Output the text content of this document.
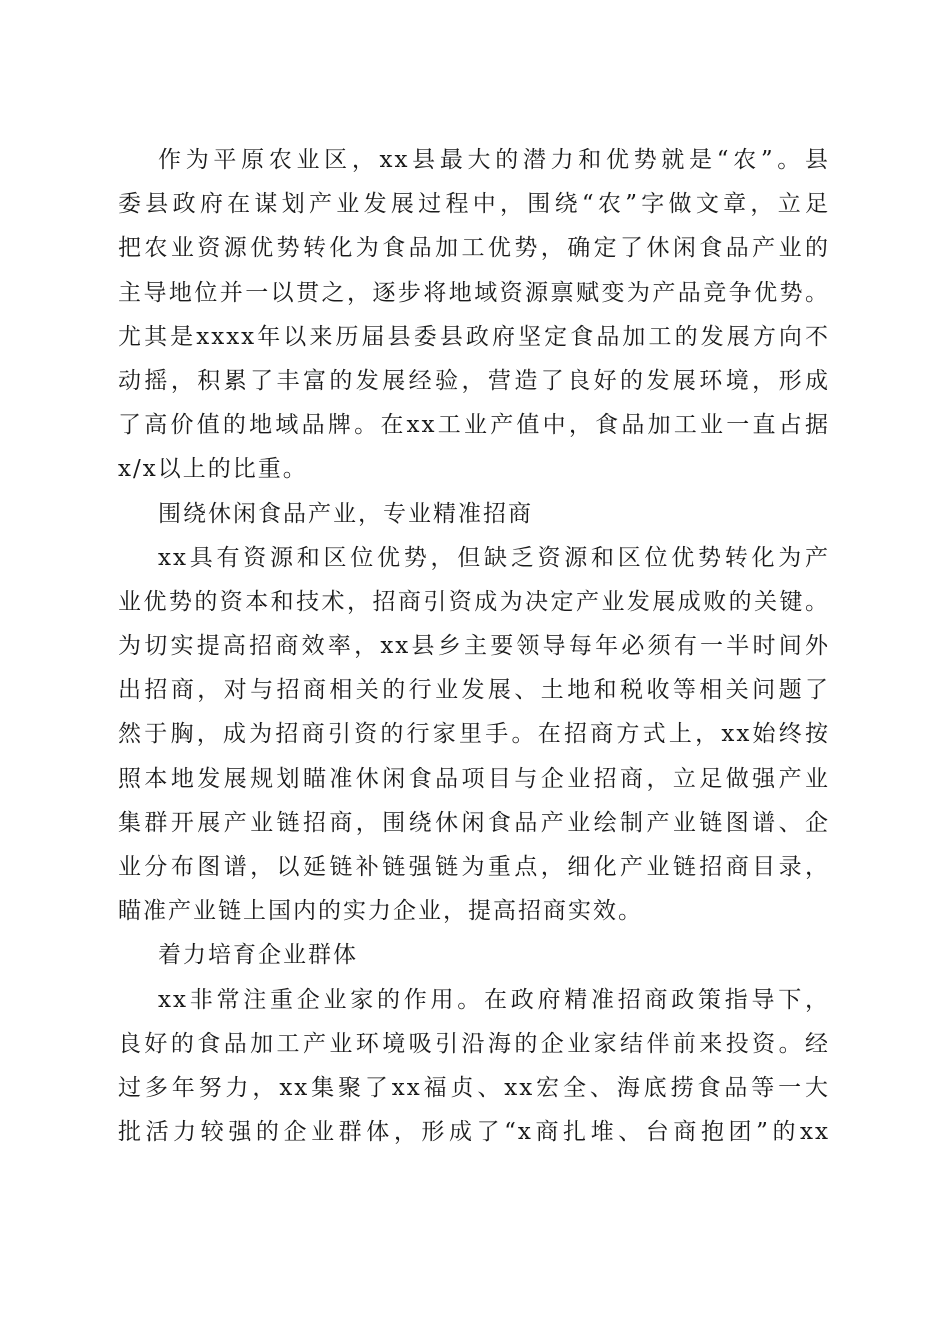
作为平原农业区，xx县最大的潜力和优势就是“农”。县
委县政府在谋划产业发展过程中，围绕“农”字做文章，立足
把农业资源优势转化为食品加工优势，确定了休闲食品产业的
主导地位并一以贯之，逐步将地域资源禀赋变为产品竞争优势。
尤其是xxxx年以来历届县委县政府坚定食品加工的发展方向不
动摇，积累了丰富的发展经验，营造了良好的发展环境，形成
了高价值的地域品牌。在xx工业产值中，食品加工业一直占据
x/x以上的比重。
围绕休闲食品产业，专业精准招商
xx具有资源和区位优势，但缺乏资源和区位优势转化为产
业优势的资本和技术，招商引资成为决定产业发展成败的关键。
为切实提高招商效率，xx县乡主要领导每年必须有一半时间外
出招商，对与招商相关的行业发展、土地和税收等相关问题了
然于胸，成为招商引资的行家里手。在招商方式上，xx始终按
照本地发展规划瞄准休闲食品项目与企业招商，立足做强产业
集群开展产业链招商，围绕休闲食品产业绘制产业链图谱、企
业分布图谱，以延链补链强链为重点，细化产业链招商目录，
瞄准产业链上国内的实力企业，提高招商实效。
着力培育企业群体
xx非常注重企业家的作用。在政府精准招商政策指导下，
良好的食品加工产业环境吸引沿海的企业家结伴前来投资。经
过多年努力，xx集聚了xx福贞、xx宏全、海底捞食品等一大
批活力较强的企业群体，形成了“x商扎堆、台商抱团”的xx
